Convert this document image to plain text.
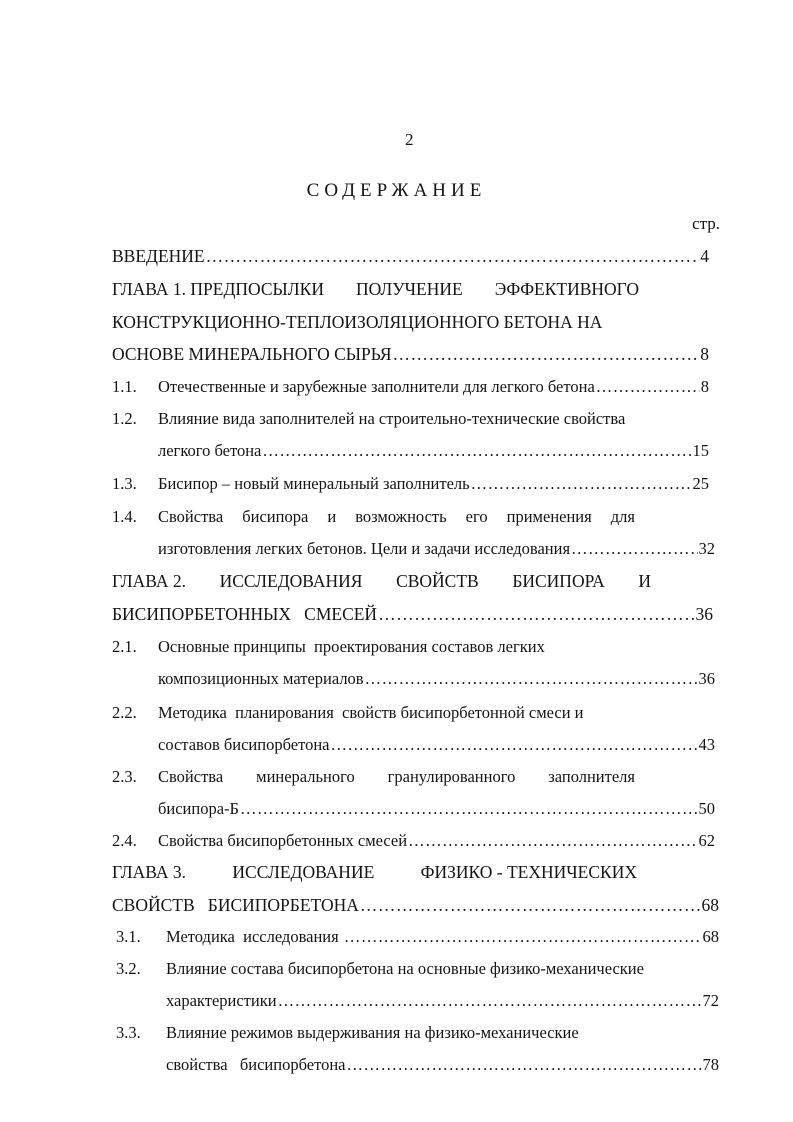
2
СОДЕРЖАНИЕ
стр.
ВВЕДЕНИЕ …………………………………………………………………………………………………………………………………………	4
ГЛАВА 1. ПРЕДПОСЫЛКИ ПОЛУЧЕНИЕ ЭФФЕКТИВНОГО
КОНСТРУКЦИОННО-ТЕПЛОИЗОЛЯЦИОННОГО БЕТОНА НА
ОСНОВЕ МИНЕРАЛЬНОГО СЫРЬЯ …………………………………………………………………………………………………………………………………………	8
1.1. Отечественные и зарубежные заполнители для легкого бетона …………………………………………………………………………………………………………………………………………	8
1.2. Влияние вида заполнителей на строительно-технические свойства
легкого бетона …………………………………………………………………………………………………………………………………………	15
1.3. Бисипор – новый минеральный заполнитель …………………………………………………………………………………………………………………………………………	25
1.4. Свойства бисипора и возможность его применения для
изготовления легких бетонов. Цели и задачи исследования …………………………………………………………………………………………………………………………………………	32
ГЛАВА 2. ИССЛЕДОВАНИЯ СВОЙСТВ БИСИПОРА И
БИСИПОРБЕТОННЫХ   СМЕСЕЙ …………………………………………………………………………………………………………………………………………	36
2.1. Основные принципы  проектирования составов легких
композиционных материалов …………………………………………………………………………………………………………………………………………	36
2.2. Методика  планирования  свойств бисипорбетонной смеси и
составов бисипорбетона …………………………………………………………………………………………………………………………………………	43
2.3. Свойства минерального гранулированного заполнителя
бисипора-Б …………………………………………………………………………………………………………………………………………	50
2.4. Свойства бисипорбетонных смесей …………………………………………………………………………………………………………………………………………	62
ГЛАВА 3.	ИССЛЕДОВАНИЕ	ФИЗИКО - ТЕХНИЧЕСКИХ
СВОЙСТВ   БИСИПОРБЕТОНА …………………………………………………………………………………………………………………………………………	68
3.1. Методика  исследования …………………………………………………………………………………………………………………………………………	68
3.2. Влияние состава бисипорбетона на основные физико-механические
характеристики …………………………………………………………………………………………………………………………………………	72
3.3. Влияние режимов выдерживания на физико-механические
свойства   бисипорбетона …………………………………………………………………………………………………………………………………………	78
